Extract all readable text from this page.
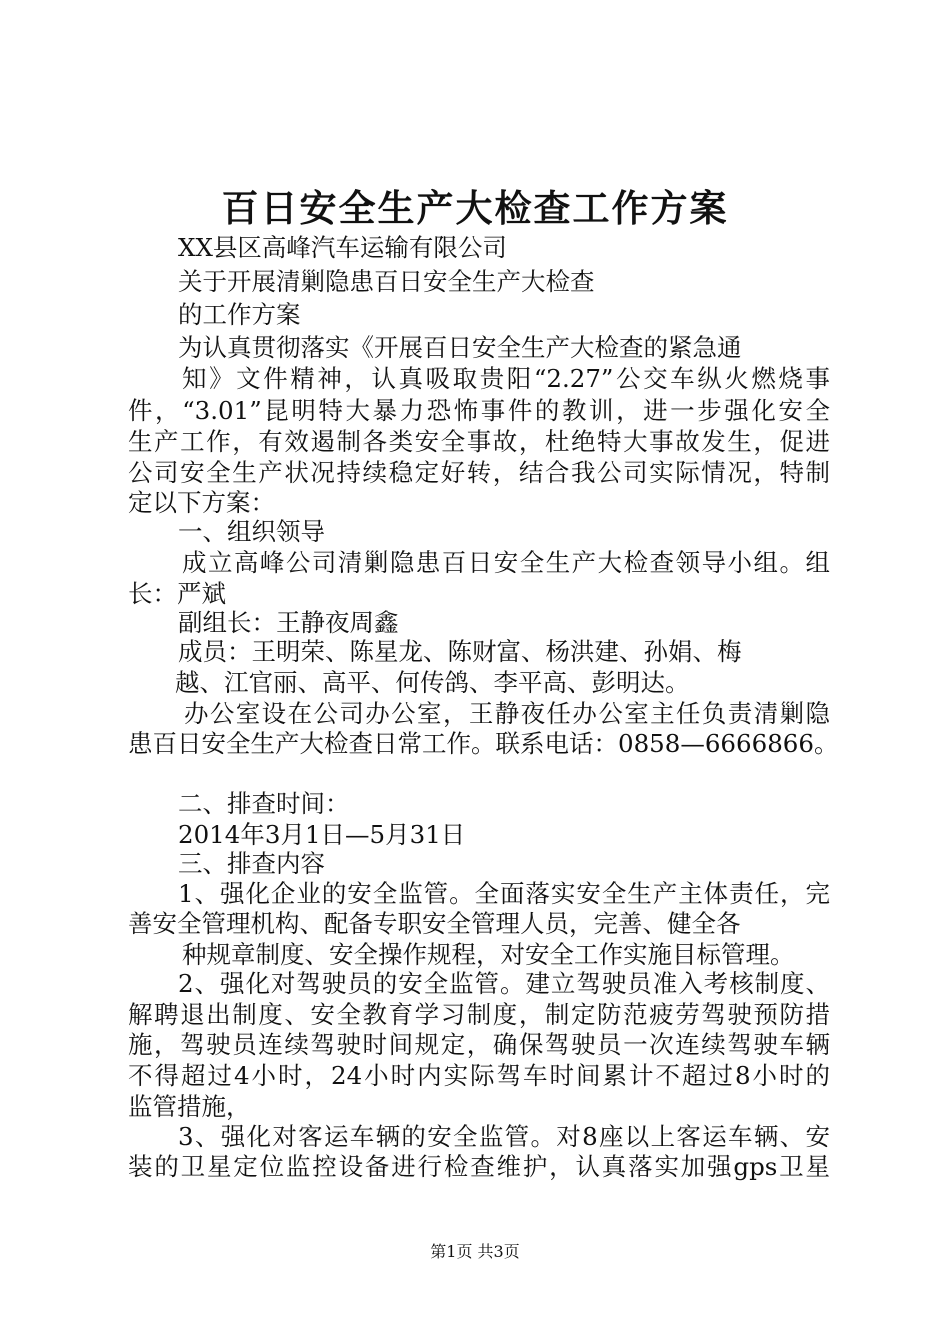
百日安全生产大检查工作方案

XX县区高峰汽车运输有限公司

关于开展清剿隐患百日安全生产大检查

的工作方案

为认真贯彻落实《开展百日安全生产大检查的紧急通

知》文件精神，认真吸取贵阳“2.27”公交车纵火燃烧事

件，“3.01”昆明特大暴力恐怖事件的教训，进一步强化安全

生产工作，有效遏制各类安全事故，杜绝特大事故发生，促进

公司安全生产状况持续稳定好转，结合我公司实际情况，特制

定以下方案：

一、组织领导

成立高峰公司清剿隐患百日安全生产大检查领导小组。组

长：严斌

副组长：王静夜周鑫

成员：王明荣、陈星龙、陈财富、杨洪建、孙娟、梅

越、江官丽、高平、何传鸽、李平高、彭明达。

办公室设在公司办公室，王静夜任办公室主任负责清剿隐

患百日安全生产大检查日常工作。联系电话：0858—6666866。

二、排查时间：

2014年3月1日—5月31日

三、排查内容

1、强化企业的安全监管。全面落实安全生产主体责任，完

善安全管理机构、配备专职安全管理人员，完善、健全各

种规章制度、安全操作规程，对安全工作实施目标管理。

2、强化对驾驶员的安全监管。建立驾驶员准入考核制度、

解聘退出制度、安全教育学习制度，制定防范疲劳驾驶预防措

施，驾驶员连续驾驶时间规定，确保驾驶员一次连续驾驶车辆

不得超过4小时，24小时内实际驾车时间累计不超过8小时的

监管措施，

3、强化对客运车辆的安全监管。对8座以上客运车辆、安

装的卫星定位监控设备进行检查维护，认真落实加强gps卫星

第1页 共3页
